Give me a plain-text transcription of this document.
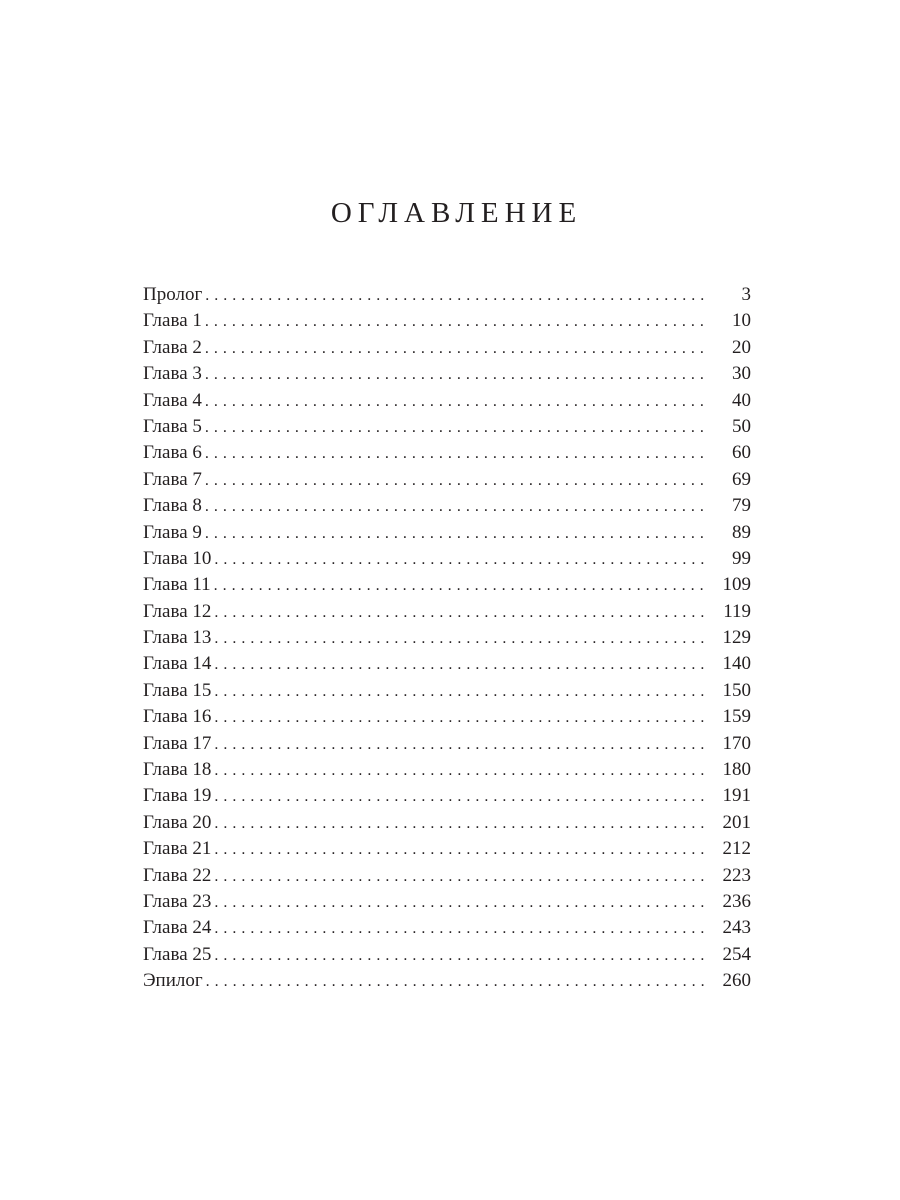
ОГЛАВЛЕНИЕ
Пролог . . .	3
Глава 1 . . .	10
Глава 2 . . .	20
Глава 3 . . .	30
Глава 4 . . .	40
Глава 5 . . .	50
Глава 6 . . .	60
Глава 7 . . .	69
Глава 8 . . .	79
Глава 9 . . .	89
Глава 10 . . .	99
Глава 11 . . .	109
Глава 12 . . .	119
Глава 13 . . .	129
Глава 14 . . .	140
Глава 15 . . .	150
Глава 16 . . .	159
Глава 17 . . .	170
Глава 18 . . .	180
Глава 19 . . .	191
Глава 20 . . .	201
Глава 21 . . .	212
Глава 22 . . .	223
Глава 23 . . .	236
Глава 24 . . .	243
Глава 25 . . .	254
Эпилог . . .	260
